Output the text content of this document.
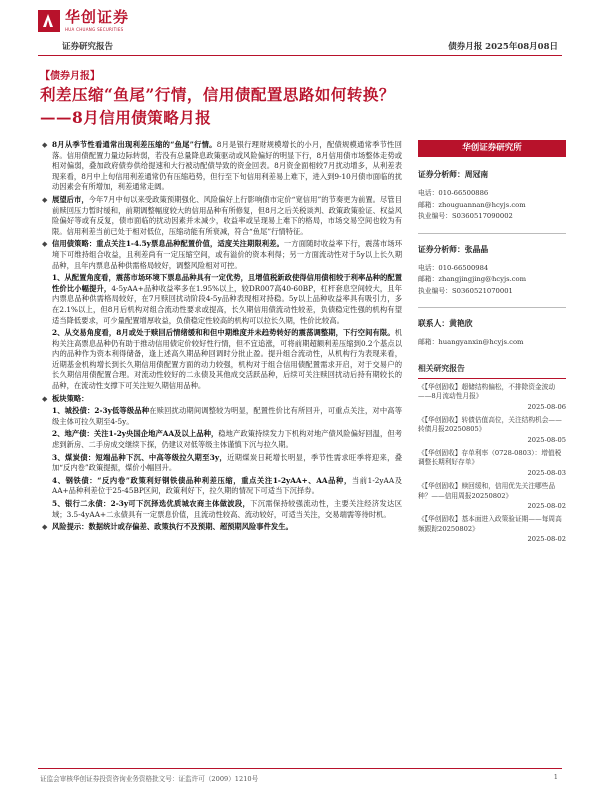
华创证券
HUA CHUANG SECURITIES
证券研究报告	债券月报 2025年08月08日
【债券月报】
利差压缩“鱼尾”行情，信用债配置思路如何转换？——8月信用债策略月报
◆ 8月从季节性看通常出现利差压缩的“鱼尾”行情。8月是银行理财规模增长的小月，配债规模通常季节性回落。信用债配置力量边际转弱，若没有总量降息政策驱动或风险偏好的明显下行，8月信用债市场整体走势或相对偏弱，叠加政府债券供给提速和大行被动配债导致的资金回表。8月资金面相较7月扰动增多，从利差表现来看，8月中上旬信用利差通常仍有压缩趋势，但行至下旬信用利差易上难下，进入到9-10月债市面临的扰动因素会有所增加，利差通常走阔。
◆ 展望后市，今年7月中旬以来受政策预期强化、风险偏好上行影响债市定价“宽信用”的节奏更为前置。尽管目前赎回压力暂时缓和，前期调整幅度较大的信用品种有所修复，但8月之后关税谈判、政策政策验证、权益风险偏好等或有反复，债市面临的扰动因素并未减少，收益率或呈现易上难下的格局，市场交易空间也较为有限。信用利差当前已处于相对低位，压缩动能有所衰减，符合“鱼尾”行情特征。
◆ 信用债策略：重点关注1-4.5y票息品种配置价值，适度关注期限利差。一方面随时收益率下行，震荡市场环境下可维持组合收益，且利差尚有一定压缩空间，或有溢价的资本利得；另一方面流动性对于5y以上长久期品种，且年内票息品种供需格局较好，调整风险相对可控。
1、从配置角度看，震荡市场环境下票息品种具有一定优势，且增值税新政使得信用债相较于利率品种的配置性价比小幅提升，4-5yAA+品种收益率多在1.95%以上，较DR007高40-60BP，杠杆套息空间较大，且年内票息品种供需格局较好，在7月赎回扰动阶段4-5y品种表现相对持稳。5y以上品种收益率具有吸引力，多在2.1%以上，但8月后机构对组合流动性要求或提高，长久期信用债流动性较差，负债稳定性强的机构有望适当降低要求，可少量配置增厚收益，负债稳定性较高的机构可以拉长久期，性价比较高。
2、从交易角度看，8月或处于赎回后情绪缓和和但中期维度并未趋势转好的震荡调整期，下行空间有限。机构关注高票息品种仍有助于推动信用债定价较好性行情，但不宜追涨，可将前期超额利差压缩到0.2个基点以内的品种作为资本利得储备，逢上述高久期品种回调时分批止盈。提升组合流动性，从机构行为表现来看，近期基金机构增长到长久期信用债配置方面的动力较强，机构对于组合信用债配置需求开启，对于交易户的长久期信用债配置合理。对流动性较好的二永债及其他成交活跃品种，后续可关注赎回扰动后持有期较长的品种，在流动性支撑下可关注短久期信用品种。
◆ 板块策略：
1、城投债：2-3y低等级品种在赎回扰动期间调整较为明显，配置性价比有所回升，可重点关注，对中高等级主体可拉久期至4-5y。
2、地产债：关注1-2y央国企地产AA及以上品种，稳地产政策持续发力下机构对地产债风险偏好回温，但考虑到新房、二手房成交继续下探，仍建议对低等级主体谨慎下沉与拉久期。
3、煤炭债：短端品种下沉、中高等级拉久期至3y，近期煤炭日耗增长明显，季节性需求旺季将迎来，叠加“反内卷”政策提振，煤价小幅回升。
4、钢铁债：“反内卷”政策利好钢铁债品种利差压缩，重点关注1-2yAA+、AA品种，当前1-2yAA及AA+品种利差位于25-45BP区间，政策利好下，拉久期的情况下可适当下沉择券。
5、银行二永债：2-3y可下沉择选优质城农商主体做波段，下沉需保持较强流动性，主要关注经济发达区域；3.5-4yAA+二永债具有一定票息价值，且流动性较高、流动较好，可适当关注，交易端需等待时机。
◆ 风险提示：数据统计或存偏差、政策执行不及预期、超预期风险事件发生。
华创证券研究所
证券分析师：周冠南
电话：010-66500886
邮箱：zhouguannan@hcyjs.com
执业编号：S0360517090002
证券分析师：张晶晶
电话：010-66500984
邮箱：zhangjingjing@hcyjs.com
执业编号：S0360521070001
联系人：黄艳欣
邮箱：huangyanxin@hcyjs.com
相关研究报告
《【华创固收】超储结构偏松，不排除资金波动——8月流动性月报》
2025-08-06
《【华创固收】转债估值高位，关注结构机会——转债月报20250805》
2025-08-05
《【华创固收】存单利率（0728-0803）：增值税调整长期利好存单》
2025-08-03
《【华创固收】赎回缓和，信用优先关注哪些品种？——信用周报20250802》
2025-08-02
《【华创固收】基本面进入政策验证期——每周高频跟踪20250802》
2025-08-02
证监会审核华创证券投资咨询业务资格批文号：证监许可（2009）1210号	1
